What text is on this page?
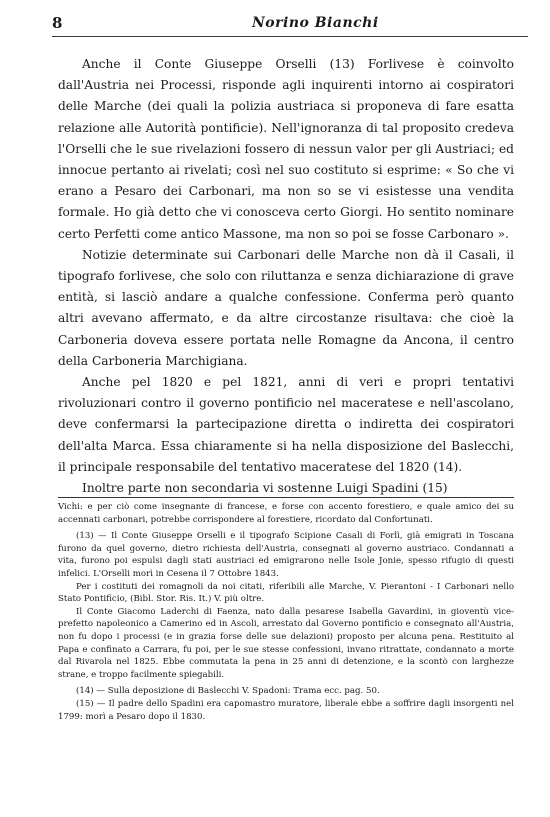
8	Norino Bianchi

Anche il Conte Giuseppe Orselli (13) Forlivese è coinvolto dall'Austria nei Processi, risponde agli inquirenti intorno ai cospiratori delle Marche (dei quali la polizia austriaca si proponeva di fare esatta relazione alle Autorità pontificie). Nell'ignoranza di tal proposito credeva l'Orselli che le sue rivelazioni fossero di nessun valor per gli Austriaci; ed innocue pertanto ai rivelati; così nel suo costituto si esprime: « So che vi erano a Pesaro dei Carbonari, ma non so se vi esistesse una vendita formale. Ho già detto che vi conosceva certo Giorgi. Ho sentito nominare certo Perfetti come antico Massone, ma non so poi se fosse Carbonaro ».

Notizie determinate sui Carbonari delle Marche non dà il Casali, il tipografo forlivese, che solo con riluttanza e senza dichiarazione di grave entità, si lasciò andare a qualche confessione. Conferma però quanto altri avevano affermato, e da altre circostanze risultava: che cioè la Carboneria doveva essere portata nelle Romagne da Ancona, il centro della Carboneria Marchigiana.

Anche pel 1820 e pel 1821, anni di veri e propri tentativi rivoluzionari contro il governo pontificio nel maceratese e nell'ascolano, deve confermarsi la partecipazione diretta o indiretta dei cospiratori dell'alta Marca. Essa chiaramente si ha nella disposizione del Baslecchi, il principale responsabile del tentativo maceratese del 1820 (14).

Inoltre parte non secondaria vi sostenne Luigi Spadini (15)

Vichi: e per ciò come insegnante di francese, e forse con accento forestiero, e quale amico dei su accennati carbonari, potrebbe corrispondere al forestiere, ricordato dal Confortunati.

(13) — Il Conte Giuseppe Orselli e il tipografo Scipione Casali di Forlì, già emigrati in Toscana furono da quel governo, dietro richiesta dell'Austria, consegnati al governo austriaco. Condannati a vita, furono poi espulsi dagli stati austriaci ed emigrarono nelle Isole Jonie, spesso rifugio di questi infelici. L'Orselli morì in Cesena il 7 Ottobre 1843.

Per i costituti dei romagnoli da noi citati, riferibili alle Marche, V. Pierantoni - I Carbonari nello Stato Pontificio, (Bibl. Stor. Ris. It.) V. più oltre.

Il Conte Giacomo Laderchi di Faenza, nato dalla pesarese Isabella Gavardini, in gioventù vice-prefetto napoleonico a Camerino ed in Ascoli, arrestato dal Governo pontificio e consegnato all'Austria, non fu dopo i processi (e in grazia forse delle sue delazioni) proposto per alcuna pena. Restituito al Papa e confinato a Carrara, fu poi, per le sue stesse confessioni, invano ritrattate, condannato a morte dal Rivarola nel 1825. Ebbe commutata la pena in 25 anni di detenzione, e la scontò con larghezze strane, e troppo facilmente spiegabili.

(14) — Sulla deposizione di Baslecchi V. Spadoni: Trama ecc. pag. 50.

(15) — Il padre dello Spadini era capomastro muratore, liberale ebbe a soffrire dagli insorgenti nel 1799: morì a Pesaro dopo il 1830.
